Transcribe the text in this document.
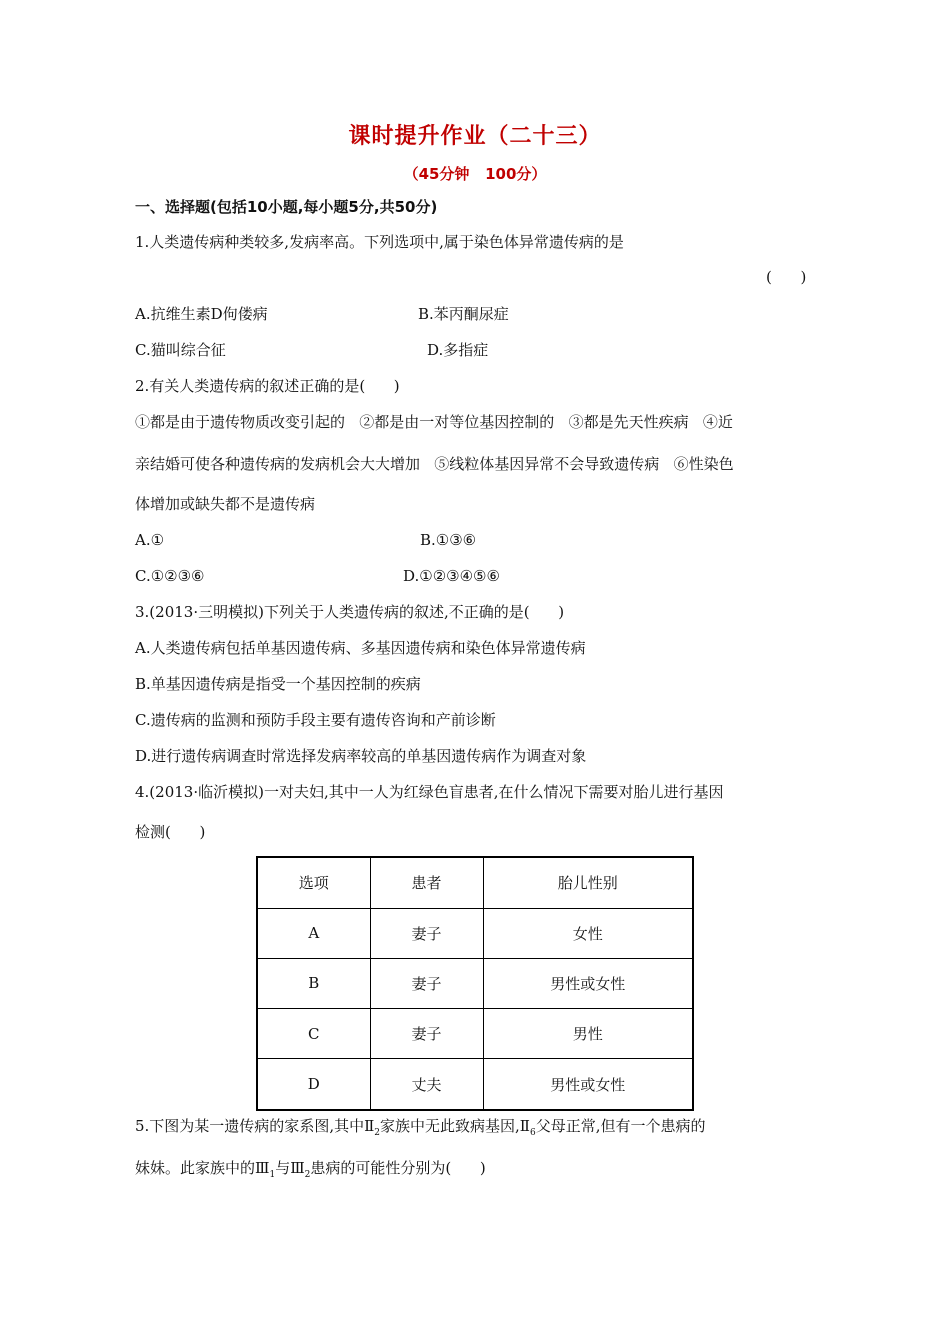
课时提升作业（二十三）
（45分钟   100分）
一、选择题(包括10小题,每小题5分,共50分)
1.人类遗传病种类较多,发病率高。下列选项中,属于染色体异常遗传病的是
(      )
A.抗维生素D佝偻病	B.苯丙酮尿症
C.猫叫综合征	D.多指症
2.有关人类遗传病的叙述正确的是(      )
①都是由于遗传物质改变引起的   ②都是由一对等位基因控制的   ③都是先天性疾病   ④近
亲结婚可使各种遗传病的发病机会大大增加   ⑤线粒体基因异常不会导致遗传病   ⑥性染色
体增加或缺失都不是遗传病
A.①	B.①③⑥
C.①②③⑥	D.①②③④⑤⑥
3.(2013·三明模拟)下列关于人类遗传病的叙述,不正确的是(      )
A.人类遗传病包括单基因遗传病、多基因遗传病和染色体异常遗传病
B.单基因遗传病是指受一个基因控制的疾病
C.遗传病的监测和预防手段主要有遗传咨询和产前诊断
D.进行遗传病调查时常选择发病率较高的单基因遗传病作为调查对象
4.(2013·临沂模拟)一对夫妇,其中一人为红绿色盲患者,在什么情况下需要对胎儿进行基因
检测(      )
选项	患者	胎儿性别
A	妻子	女性
B	妻子	男性或女性
C	妻子	男性
D	丈夫	男性或女性
5.下图为某一遗传病的家系图,其中$Ⅱ_2$家族中无此致病基因$,Ⅱ_6$父母正常,但有一个患病的
妹妹。此家族中的$Ⅲ_1$与$Ⅲ_2$患病的可能性分别为(      )
